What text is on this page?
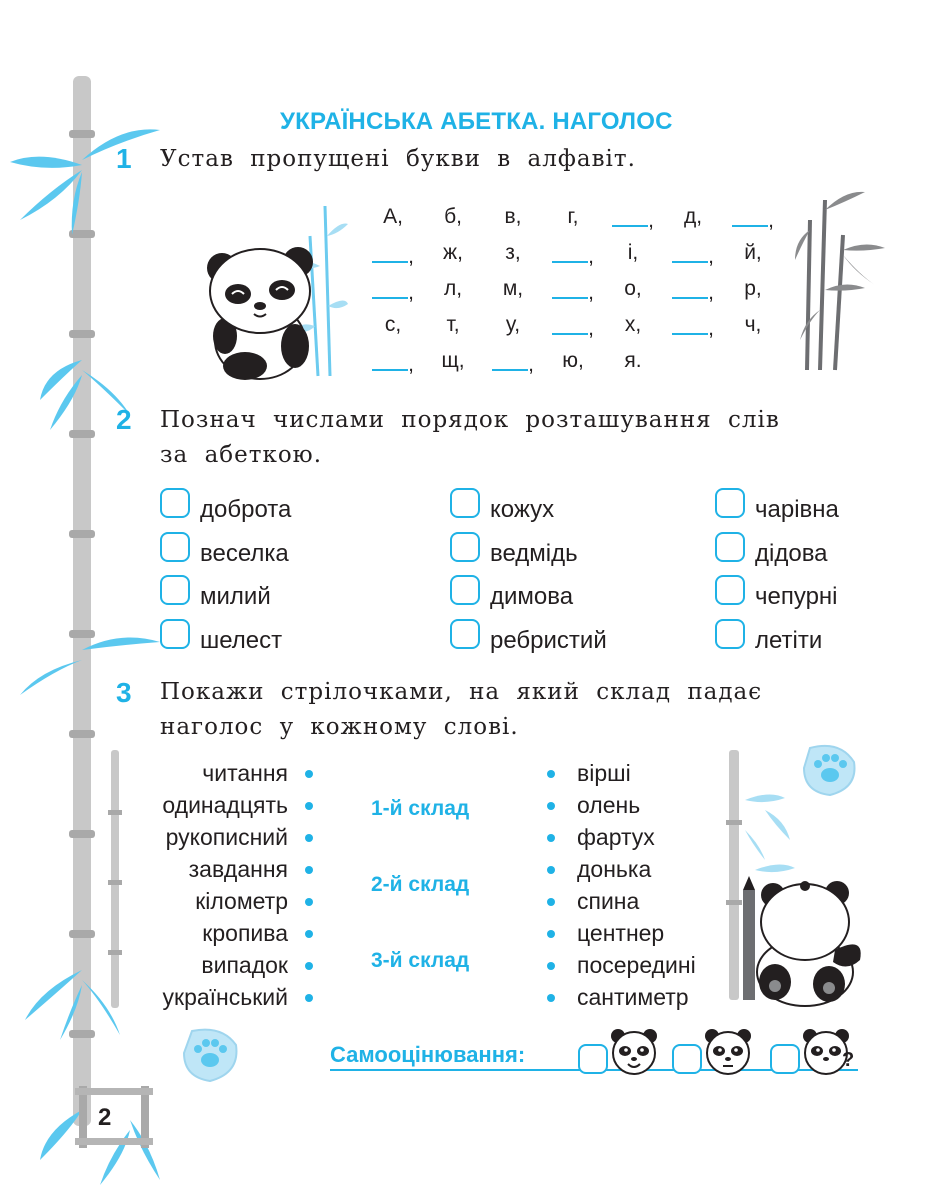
2
УКРАЇНСЬКА АБЕТКА. НАГОЛОС
1 Устав пропущені букви в алфавіт.
А,	б,	в,	г,	,	д,	,
,	ж,	з,	,	і,	,	й,
,	л,	м,	,	о,	,	р,
с,	т,	у,	,	х,	,	ч,
,	щ,	,	ю,	я.
2 Познач числами порядок розташування слів
за абеткою.
доброта
веселка
милий
шелест
кожух
ведмідь
димова
ребристий
чарівна
дідова
чепурні
летіти
3 Покажи стрілочками, на який склад падає
наголос у кожному слові.
читання
одинадцять
рукописний
завдання
кілометр
кропива
випадок
український
вірші
олень
фартух
донька
спина
центнер
посередині
сантиметр
1-й склад
2-й склад
3-й склад
Самооцінювання:	?
